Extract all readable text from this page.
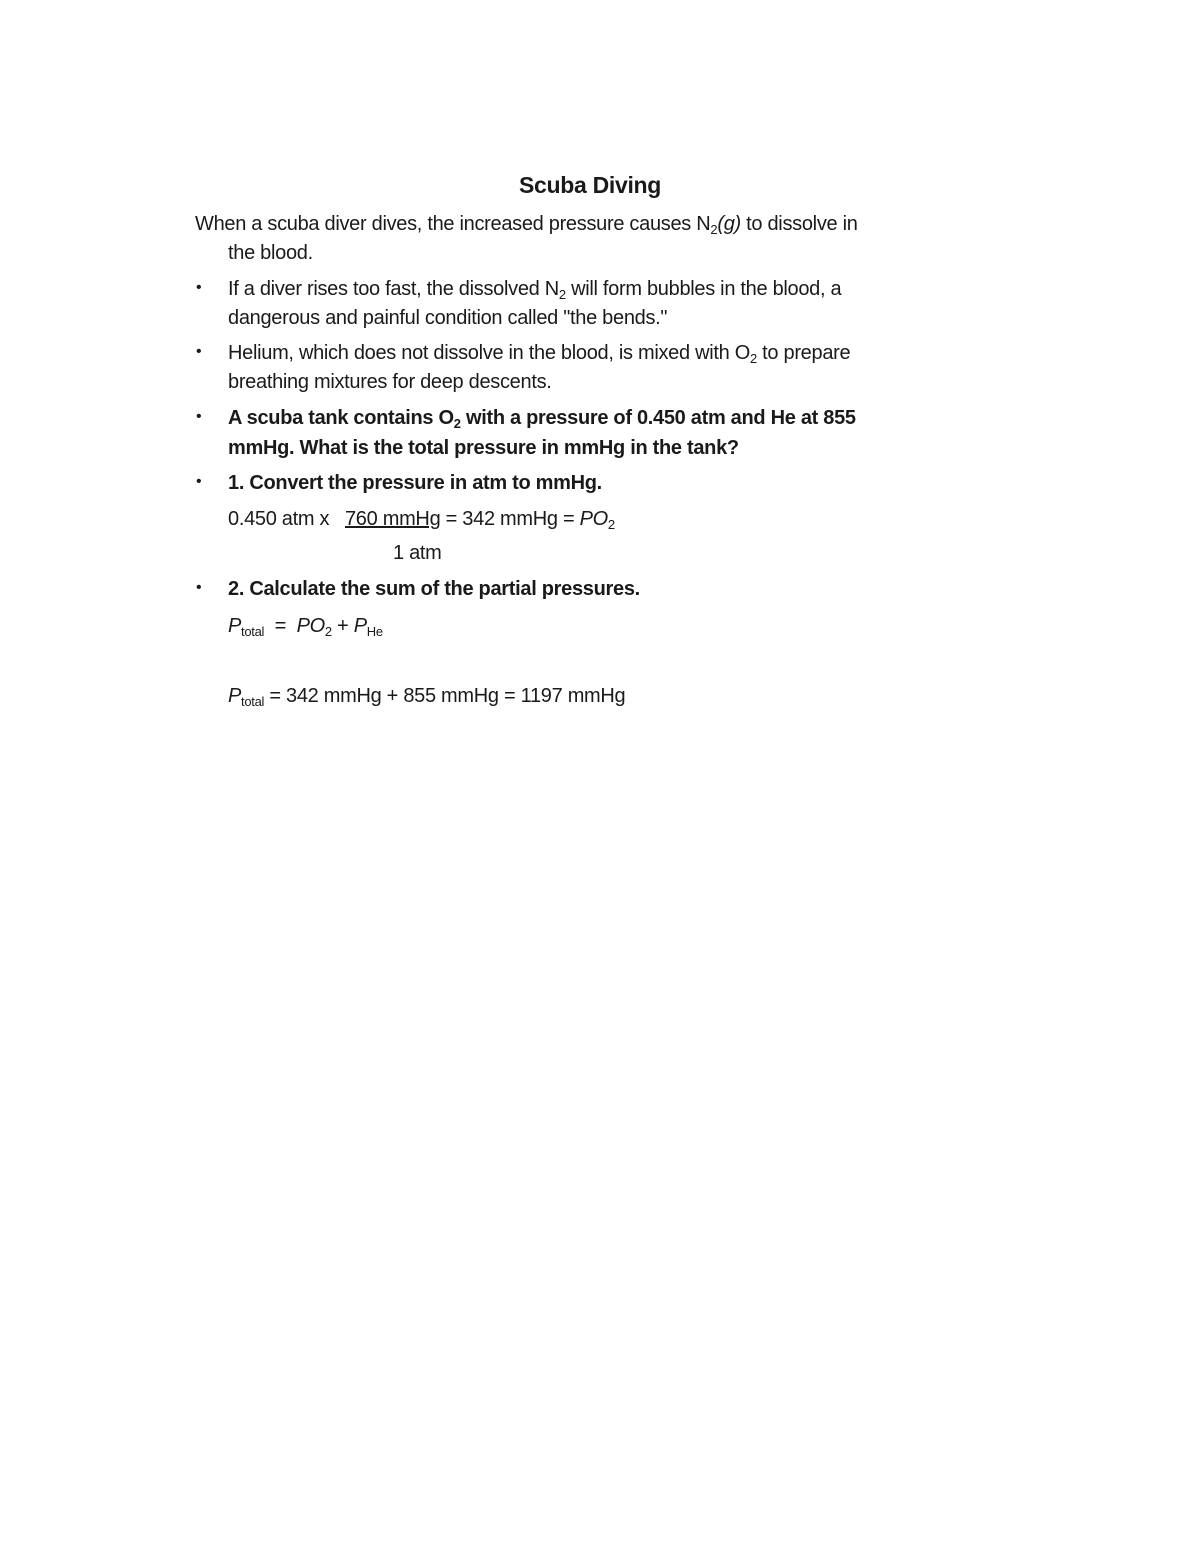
Scuba Diving
When a scuba diver dives, the increased pressure causes $N_2(g)$ to dissolve in
the blood.
• If a diver rises too fast, the dissolved $N_2$ will form bubbles in the blood, a
dangerous and painful condition called "the bends."
• Helium, which does not dissolve in the blood, is mixed with $O_2$ to prepare
breathing mixtures for deep descents.
• A scuba tank contains $O_2$ with a pressure of 0.450 atm and He at 855
mmHg. What is the total pressure in mmHg in the tank?
• 1. Convert the pressure in atm to mmHg.
0.450 atm x 760 mmHg = 342 mmHg = $PO_2$
1 atm
• 2. Calculate the sum of the partial pressures.
$P_{total} = PO_2 + P_{He}$
$P_{total} = 342$ mmHg + 855 mmHg = 1197 mmHg
